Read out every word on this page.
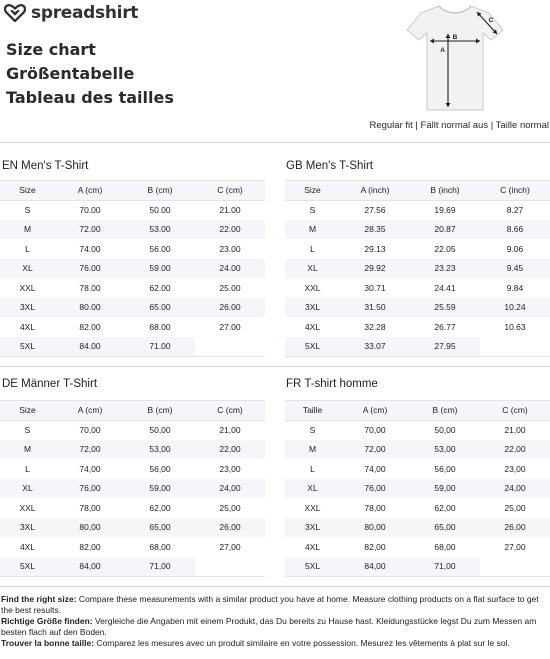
spreadshirt
Size chart
Größentabelle
Tableau des tailles
B
A
C
Regular fit | Fällt normal aus | Taille normal
EN Men's T-Shirt
Size	A (cm)	B (cm)	C (cm)
S	70.00	50.00	21.00
M	72.00	53.00	22.00
L	74.00	56.00	23.00
XL	76.00	59.00	24.00
XXL	78.00	62.00	25.00
3XL	80.00	65.00	26.00
4XL	82.00	68.00	27.00
5XL	84.00	71.00	
GB Men's T-Shirt
Size	A (inch)	B (inch)	C (inch)
S	27.56	19.69	8.27
M	28.35	20.87	8.66
L	29.13	22.05	9.06
XL	29.92	23.23	9.45
XXL	30.71	24.41	9.84
3XL	31.50	25.59	10.24
4XL	32.28	26.77	10.63
5XL	33.07	27.95	
DE Männer T-Shirt
Size	A (cm)	B (cm)	C (cm)
S	70,00	50,00	21,00
M	72,00	53,00	22,00
L	74,00	56,00	23,00
XL	76,00	59,00	24,00
XXL	78,00	62,00	25,00
3XL	80,00	65,00	26,00
4XL	82,00	68,00	27,00
5XL	84,00	71,00	
FR T-shirt homme
Taille	A (cm)	B (cm)	C (cm)
S	70,00	50,00	21,00
M	72,00	53,00	22,00
L	74,00	56,00	23,00
XL	76,00	59,00	24,00
XXL	78,00	62,00	25,00
3XL	80,00	65,00	26,00
4XL	82,00	68,00	27,00
5XL	84,00	71,00	

Find the right size: Compare these measurements with a similar product you have at home. Measure clothing products on a flat surface to get the best results.

Richtige Größe finden: Vergleiche die Angaben mit einem Produkt, das Du bereits zu Hause hast. Kleidungsstücke legst Du zum Messen am besten flach auf den Boden.

Trouver la bonne taille: Comparez les mesures avec un produit similaire en votre possession. Mesurez les vêtements à plat sur le sol.
